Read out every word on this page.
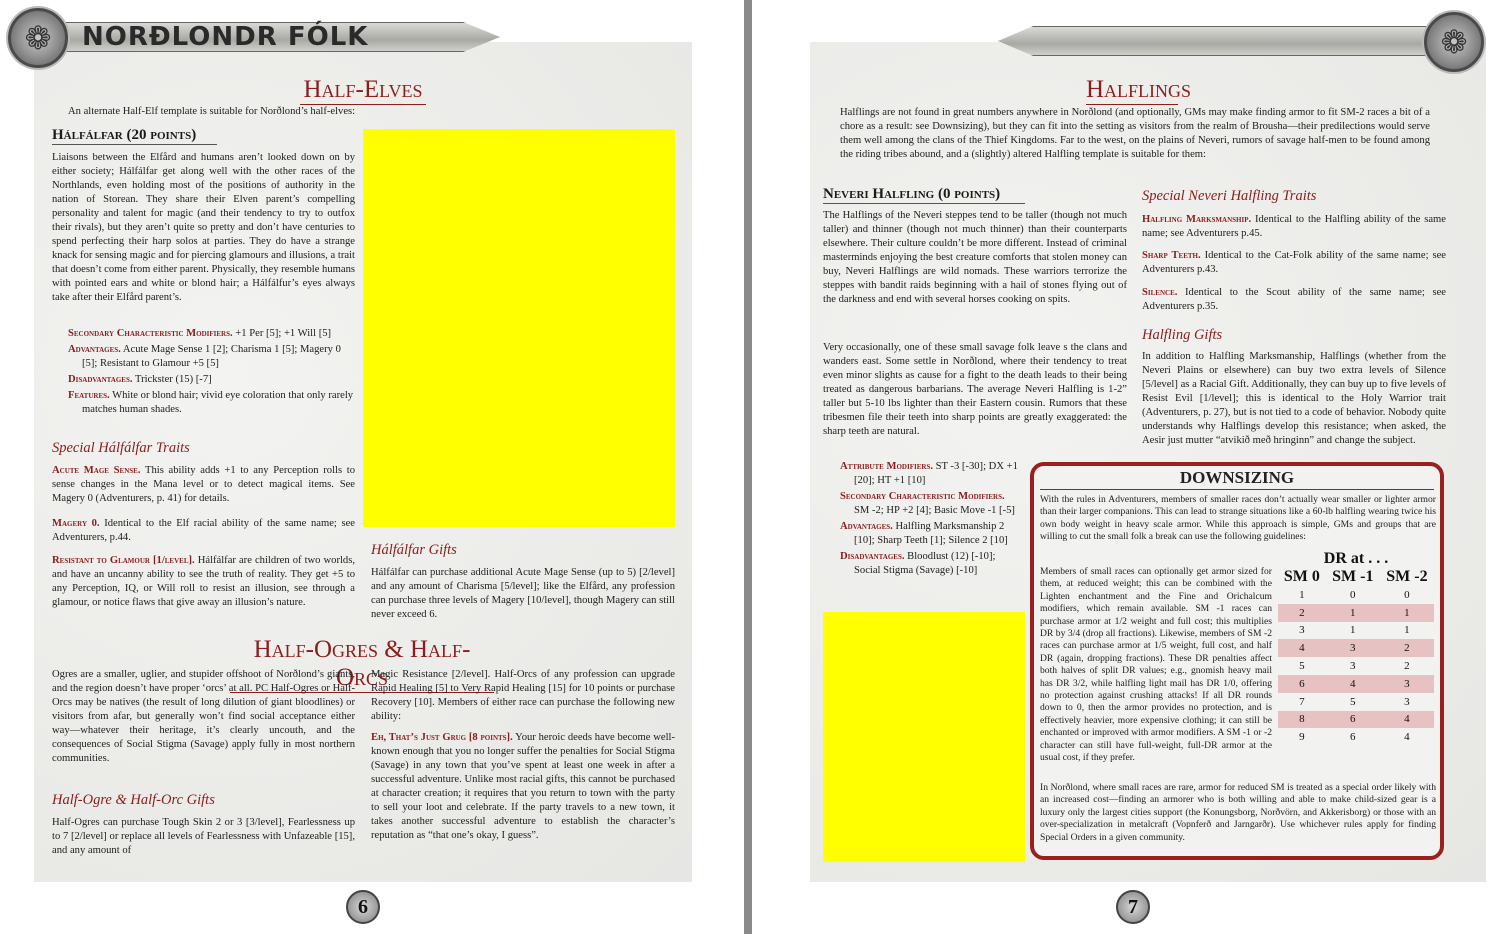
❁
NORÐLONDR FÓLK
Half-Elves
An alternate Half-Elf template is suitable for Norðlond’s half-elves:
Hálfálfar (20 points)
Liaisons between the Elfård and humans aren’t looked down on by either society; Hálfálfar get along well with the other races of the Northlands, even holding most of the positions of authority in the nation of Storean. They share their Elven parent’s compelling personality and talent for magic (and their tendency to try to outfox their rivals), but they aren’t quite so pretty and don’t have centuries to spend perfecting their harp solos at parties. They do have a strange knack for sensing magic and for piercing glamours and illusions, a trait that doesn’t come from either parent. Physically, they resemble humans with pointed ears and white or blond hair; a Hálfálfur’s eyes always take after their Elfård parent’s.
Secondary Characteristic Modifiers. +1 Per [5]; +1 Will [5]
Advantages. Acute Mage Sense 1 [2]; Charisma 1 [5]; Magery 0 [5]; Resistant to Glamour +5 [5]
Disadvantages. Trickster (15) [-7]
Features. White or blond hair; vivid eye coloration that only rarely matches human shades.
Special Hálfálfar Traits
Acute Mage Sense. This ability adds +1 to any Perception rolls to sense changes in the Mana level or to detect magical items. See Magery 0 (Adventurers, p. 41) for details.
Magery 0. Identical to the Elf racial ability of the same name; see Adventurers, p.44.
Resistant to Glamour [1/level]. Hálfálfar are children of two worlds, and have an uncanny ability to see the truth of reality. They get +5 to any Perception, IQ, or Will roll to resist an illusion, see through a glamour, or notice flaws that give away an illusion’s nature.
Hálfálfar Gifts
Hálfálfar can purchase additional Acute Mage Sense (up to 5) [2/level] and any amount of Charisma [5/level]; like the Elfård, any profession can purchase three levels of Magery [10/level], though Magery can still never exceed 6.
Half-Ogres & Half-Orcs
Ogres are a smaller, uglier, and stupider offshoot of Norðlond’s giants, and the region doesn’t have proper ‘orcs’ at all. PC Half-Ogres or Half-Orcs may be natives (the result of long dilution of giant bloodlines) or visitors from afar, but generally won’t find social acceptance either way—whatever their heritage, it’s clearly uncouth, and the consequences of Social Stigma (Savage) apply fully in most northern communities.
Half-Ogre & Half-Orc Gifts
Half-Ogres can purchase Tough Skin 2 or 3 [3/level], Fearlessness up to 7 [2/level] or replace all levels of Fearlessness with Unfazeable [15], and any amount of
Magic Resistance [2/level]. Half-Orcs of any profession can upgrade Rapid Healing [5] to Very Rapid Healing [15] for 10 points or purchase Recovery [10]. Members of either race can purchase the following new ability:
Eh, That’s Just Grug [8 points]. Your heroic deeds have become well-known enough that you no longer suffer the penalties for Social Stigma (Savage) in any town that you’ve spent at least one week in after a successful adventure. Unlike most racial gifts, this cannot be purchased at character creation; it requires that you return to town with the party to sell your loot and celebrate. If the party travels to a new town, it takes another successful adventure to establish the character’s reputation as “that one’s okay, I guess”.
6
❁
Halflings
Halflings are not found in great numbers anywhere in Norðlond (and optionally, GMs may make finding armor to fit SM-2 races a bit of a chore as a result: see Downsizing), but they can fit into the setting as visitors from the realm of Brousha—their predilections would serve them well among the clans of the Thief Kingdoms. Far to the west, on the plains of Neveri, rumors of savage half-men to be found among the riding tribes abound, and a (slightly) altered Halfling template is suitable for them:
Neveri Halfling (0 points)
The Halflings of the Neveri steppes tend to be taller (though not much taller) and thinner (though not much thinner) than their counterparts elsewhere. Their culture couldn’t be more different. Instead of criminal masterminds enjoying the best creature comforts that stolen money can buy, Neveri Halflings are wild nomads. These warriors terrorize the steppes with bandit raids beginning with a hail of stones flying out of the darkness and end with several horses cooking on spits.
Very occasionally, one of these small savage folk leave s the clans and wanders east. Some settle in Norðlond, where their tendency to treat even minor slights as cause for a fight to the death leads to their being treated as dangerous barbarians. The average Neveri Halfling is 1-2” taller but 5-10 lbs lighter than their Eastern cousin. Rumors that these tribesmen file their teeth into sharp points are greatly exaggerated: the sharp teeth are natural.
Attribute Modifiers. ST -3 [-30]; DX +1 [20]; HT +1 [10]
Secondary Characteristic Modifiers. SM -2; HP +2 [4]; Basic Move -1 [-5]
Advantages. Halfling Marksmanship 2 [10]; Sharp Teeth [1]; Silence 2 [10]
Disadvantages. Bloodlust (12) [-10]; Social Stigma (Savage) [-10]
Special Neveri Halfling Traits
Halfling Marksmanship. Identical to the Halfling ability of the same name; see Adventurers p.45.
Sharp Teeth. Identical to the Cat-Folk ability of the same name; see Adventurers p.43.
Silence. Identical to the Scout ability of the same name; see Adventurers p.35.
Halfling Gifts
In addition to Halfling Marksmanship, Halflings (whether from the Neveri Plains or elsewhere) can buy two extra levels of Silence [5/level] as a Racial Gift. Additionally, they can buy up to five levels of Resist Evil [1/level]; this is identical to the Holy Warrior trait (Adventurers, p. 27), but is not tied to a code of behavior. Nobody quite understands why Halflings develop this resistance; when asked, the Aesir just mutter “atvikið með hringinn” and change the subject.
DOWNSIZING
With the rules in Adventurers, members of smaller races don’t actually wear smaller or lighter armor than their larger companions. This can lead to strange situations like a 60-lb halfling wearing twice his own body weight in heavy scale armor. While this approach is simple, GMs and groups that are willing to cut the small folk a break can use the following guidelines:
Members of small races can optionally get armor sized for them, at reduced weight; this can be combined with the Lighten enchantment and the Fine and Orichalcum modifiers, which remain available. SM -1 races can purchase armor at 1/2 weight and full cost; this multiplies DR by 3/4 (drop all fractions). Likewise, members of SM -2 races can purchase armor at 1/5 weight, full cost, and half DR (again, dropping fractions). These DR penalties affect both halves of split DR values; e.g., gnomish heavy mail has DR 3/2, while halfling light mail has DR 1/0, offering no protection against crushing attacks! If all DR rounds down to 0, then the armor provides no protection, and is effectively heavier, more expensive clothing; it can still be enchanted or improved with armor modifiers. A SM -1 or -2 character can still have full-weight, full-DR armor at the usual cost, if they prefer.
In Norðlond, where small races are rare, armor for reduced SM is treated as a special order likely with an increased cost—finding an armorer who is both willing and able to make child-sized gear is a luxury only the largest cities support (the Konungsborg, Norðvörn, and Akkerisborg) or those with an over-specialization in metalcraft (Vopnferð and Jarngarðr). Use whichever rules apply for finding Special Orders in a given community.
DR at . . .		
SM 0	SM -1	SM -2
1	0	0
2	1	1
3	1	1
4	3	2
5	3	2
6	4	3
7	5	3
8	6	4
9	6	4
7
